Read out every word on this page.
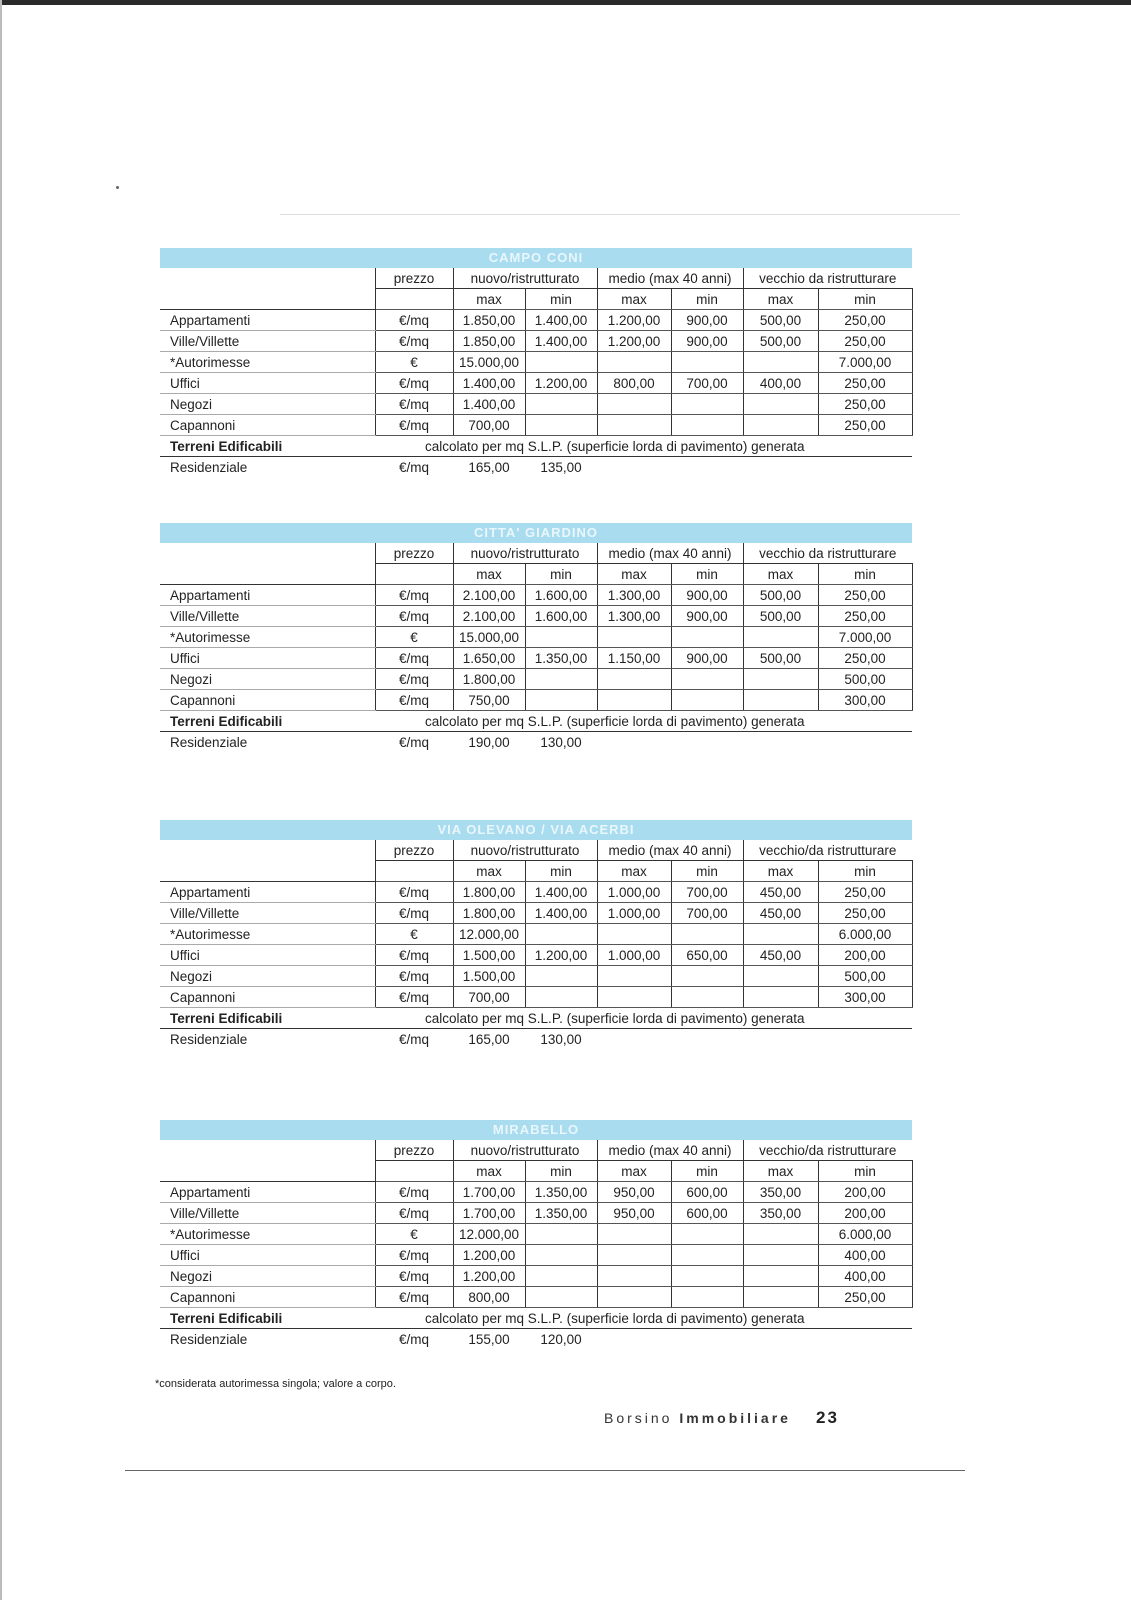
CAMPO CONI
	prezzo	nuovo/ristrutturato		medio (max 40 anni)		vecchio da ristrutturare	
		max	min	max	min	max	min
Appartamenti	€/mq	1.850,00	1.400,00	1.200,00	900,00	500,00	250,00
Ville/Villette	€/mq	1.850,00	1.400,00	1.200,00	900,00	500,00	250,00
*Autorimesse	€	15.000,00					7.000,00
Uffici	€/mq	1.400,00	1.200,00	800,00	700,00	400,00	250,00
Negozi	€/mq	1.400,00					250,00
Capannoni	€/mq	700,00					250,00
Terreni Edificabili	calcolato per mq S.L.P. (superficie lorda di pavimento) generata						
Residenziale	€/mq	165,00	135,00				
CITTA' GIARDINO
	prezzo	nuovo/ristrutturato		medio (max 40 anni)		vecchio da ristrutturare	
		max	min	max	min	max	min
Appartamenti	€/mq	2.100,00	1.600,00	1.300,00	900,00	500,00	250,00
Ville/Villette	€/mq	2.100,00	1.600,00	1.300,00	900,00	500,00	250,00
*Autorimesse	€	15.000,00					7.000,00
Uffici	€/mq	1.650,00	1.350,00	1.150,00	900,00	500,00	250,00
Negozi	€/mq	1.800,00					500,00
Capannoni	€/mq	750,00					300,00
Terreni Edificabili	calcolato per mq S.L.P. (superficie lorda di pavimento) generata						
Residenziale	€/mq	190,00	130,00				
VIA OLEVANO / VIA ACERBI
	prezzo	nuovo/ristrutturato		medio (max 40 anni)		vecchio/da ristrutturare	
		max	min	max	min	max	min
Appartamenti	€/mq	1.800,00	1.400,00	1.000,00	700,00	450,00	250,00
Ville/Villette	€/mq	1.800,00	1.400,00	1.000,00	700,00	450,00	250,00
*Autorimesse	€	12.000,00					6.000,00
Uffici	€/mq	1.500,00	1.200,00	1.000,00	650,00	450,00	200,00
Negozi	€/mq	1.500,00					500,00
Capannoni	€/mq	700,00					300,00
Terreni Edificabili	calcolato per mq S.L.P. (superficie lorda di pavimento) generata						
Residenziale	€/mq	165,00	130,00				
MIRABELLO
	prezzo	nuovo/ristrutturato		medio (max 40 anni)		vecchio/da ristrutturare	
		max	min	max	min	max	min
Appartamenti	€/mq	1.700,00	1.350,00	950,00	600,00	350,00	200,00
Ville/Villette	€/mq	1.700,00	1.350,00	950,00	600,00	350,00	200,00
*Autorimesse	€	12.000,00					6.000,00
Uffici	€/mq	1.200,00					400,00
Negozi	€/mq	1.200,00					400,00
Capannoni	€/mq	800,00					250,00
Terreni Edificabili	calcolato per mq S.L.P. (superficie lorda di pavimento) generata						
Residenziale	€/mq	155,00	120,00				
*considerata autorimessa singola; valore a corpo.
Borsino Immobiliare 23
